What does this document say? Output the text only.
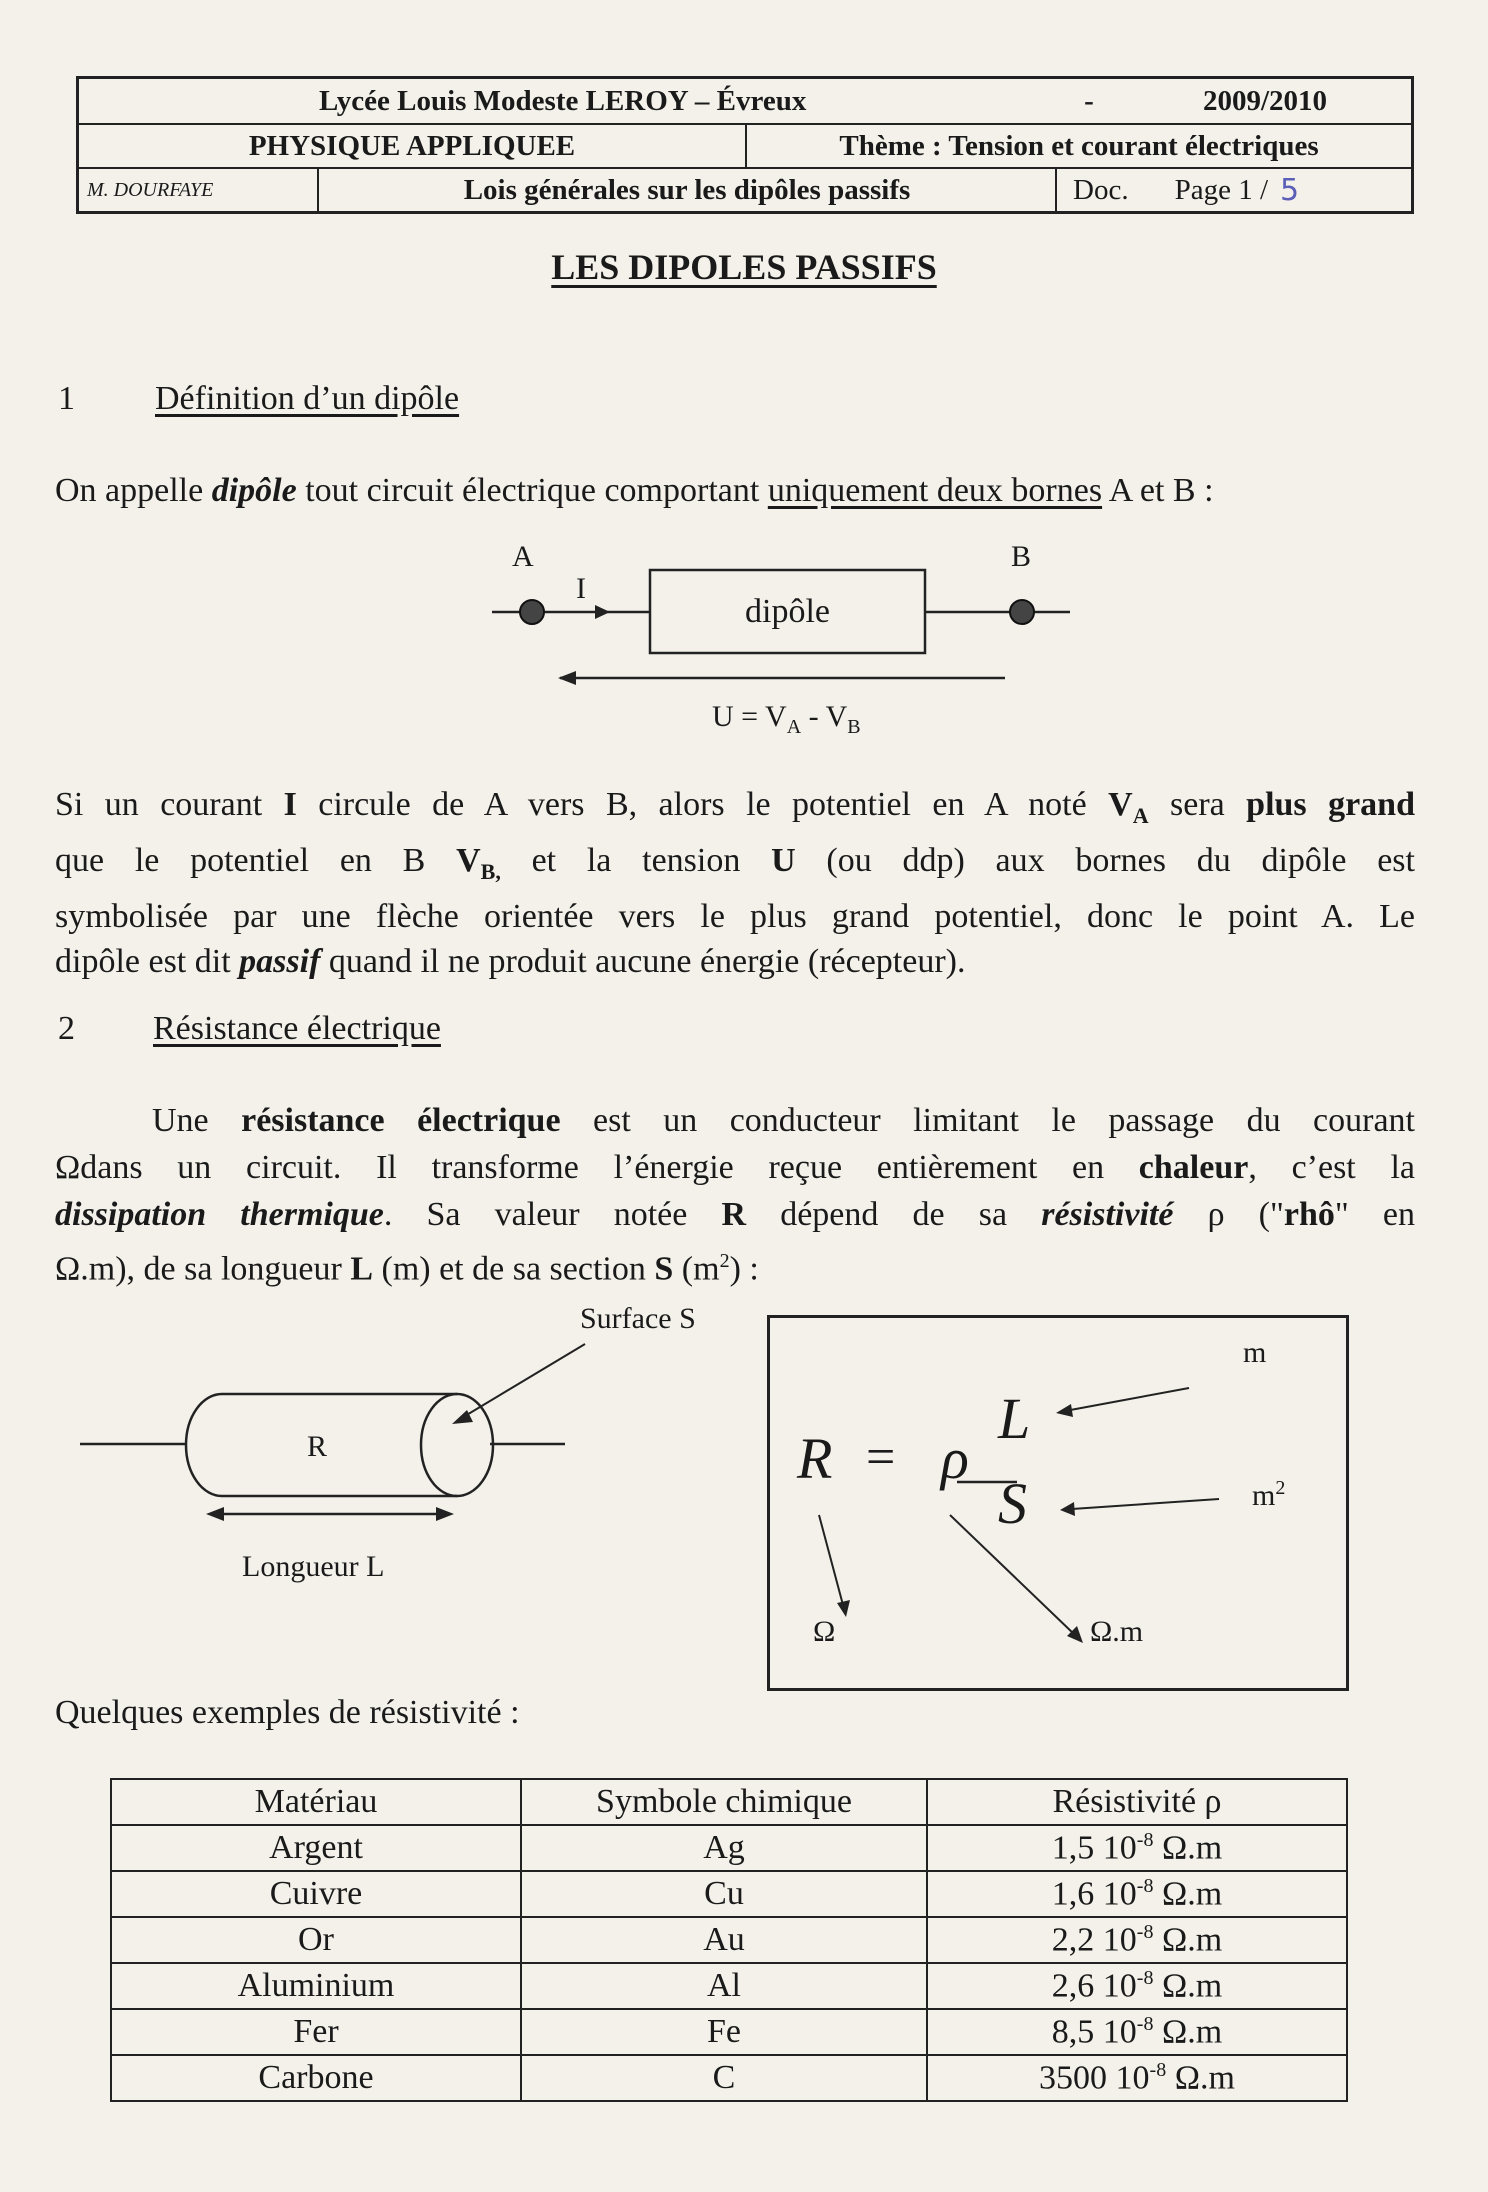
Lycée Louis Modeste LEROY – Évreux	-	2009/2010
PHYSIQUE APPLIQUEE	Thème : Tension et courant électriques
M. DOURFAYE	Lois générales sur les dipôles passifs	Doc. Page 1 / 5
LES DIPOLES PASSIFS
1 Définition d’un dipôle
On appelle dipôle tout circuit électrique comportant uniquement deux bornes A et B :
A	B
I
dipôle
$U = V_A - V_B$
Si un courant I circule de A vers B, alors le potentiel en A noté $V_A$ sera plus grand
que le potentiel en B $V_{B,}$ et la tension U (ou ddp) aux bornes du dipôle est
symbolisée par une flèche orientée vers le plus grand potentiel, donc le point A. Le
dipôle est dit passif quand il ne produit aucune énergie (récepteur).
2 Résistance électrique
Une résistance électrique est un conducteur limitant le passage du courant
Ωdans un circuit. Il transforme l’énergie reçue entièrement en chaleur, c’est la
dissipation thermique. Sa valeur notée R dépend de sa résistivité ρ ("rhô" en
Ω.m), de sa longueur L (m) et de sa section S $(m^2)$ :
Surface S
R
Longueur L
R = ρ
L
S
m
$m^2$
Ω	Ω.m
Quelques exemples de résistivité :
Matériau	Symbole chimique	Résistivité ρ
Argent	Ag	1,5 $10^{-8}$ Ω.m
Cuivre	Cu	1,6 $10^{-8}$ Ω.m
Or	Au	2,2 $10^{-8}$ Ω.m
Aluminium	Al	2,6 $10^{-8}$ Ω.m
Fer	Fe	8,5 $10^{-8}$ Ω.m
Carbone	C	3500 $10^{-8}$ Ω.m
